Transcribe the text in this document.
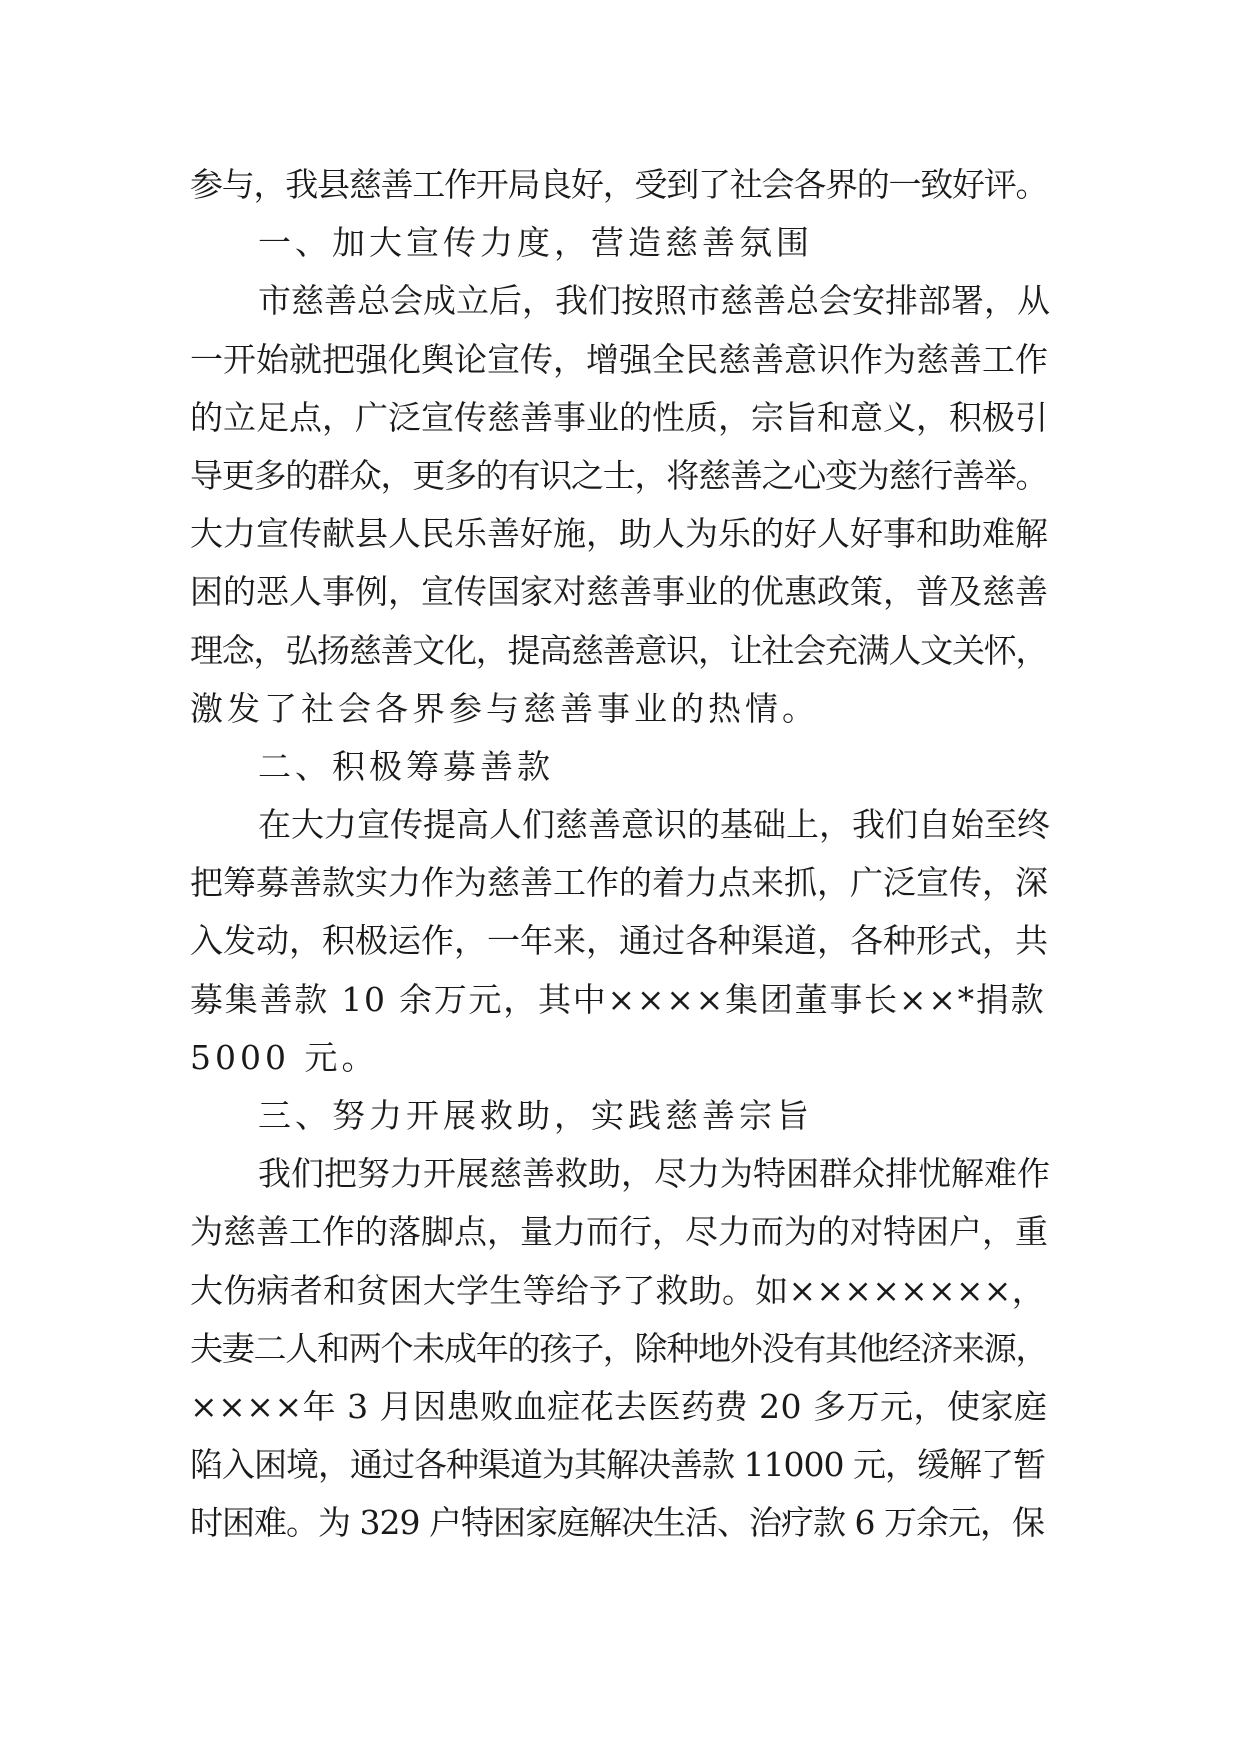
参与，我县慈善工作开局良好，受到了社会各界的一致好评。
一、加大宣传力度，营造慈善氛围
市慈善总会成立后，我们按照市慈善总会安排部署，从
一开始就把强化舆论宣传，增强全民慈善意识作为慈善工作
的立足点，广泛宣传慈善事业的性质，宗旨和意义，积极引
导更多的群众，更多的有识之士，将慈善之心变为慈行善举。
大力宣传献县人民乐善好施，助人为乐的好人好事和助难解
困的恶人事例，宣传国家对慈善事业的优惠政策，普及慈善
理念，弘扬慈善文化，提高慈善意识，让社会充满人文关怀，
激发了社会各界参与慈善事业的热情。
二、积极筹募善款
在大力宣传提高人们慈善意识的基础上，我们自始至终
把筹募善款实力作为慈善工作的着力点来抓，广泛宣传，深
入发动，积极运作，一年来，通过各种渠道，各种形式，共
募集善款 10 余万元，其中××××集团董事长××*捐款
5000 元。
三、努力开展救助，实践慈善宗旨
我们把努力开展慈善救助，尽力为特困群众排忧解难作
为慈善工作的落脚点，量力而行，尽力而为的对特困户，重
大伤病者和贫困大学生等给予了救助。如××××××××，
夫妻二人和两个未成年的孩子，除种地外没有其他经济来源，
××××年 3 月因患败血症花去医药费 20 多万元，使家庭
陷入困境，通过各种渠道为其解决善款 11000 元，缓解了暂
时困难。为 329 户特困家庭解决生活、治疗款 6 万余元，保
